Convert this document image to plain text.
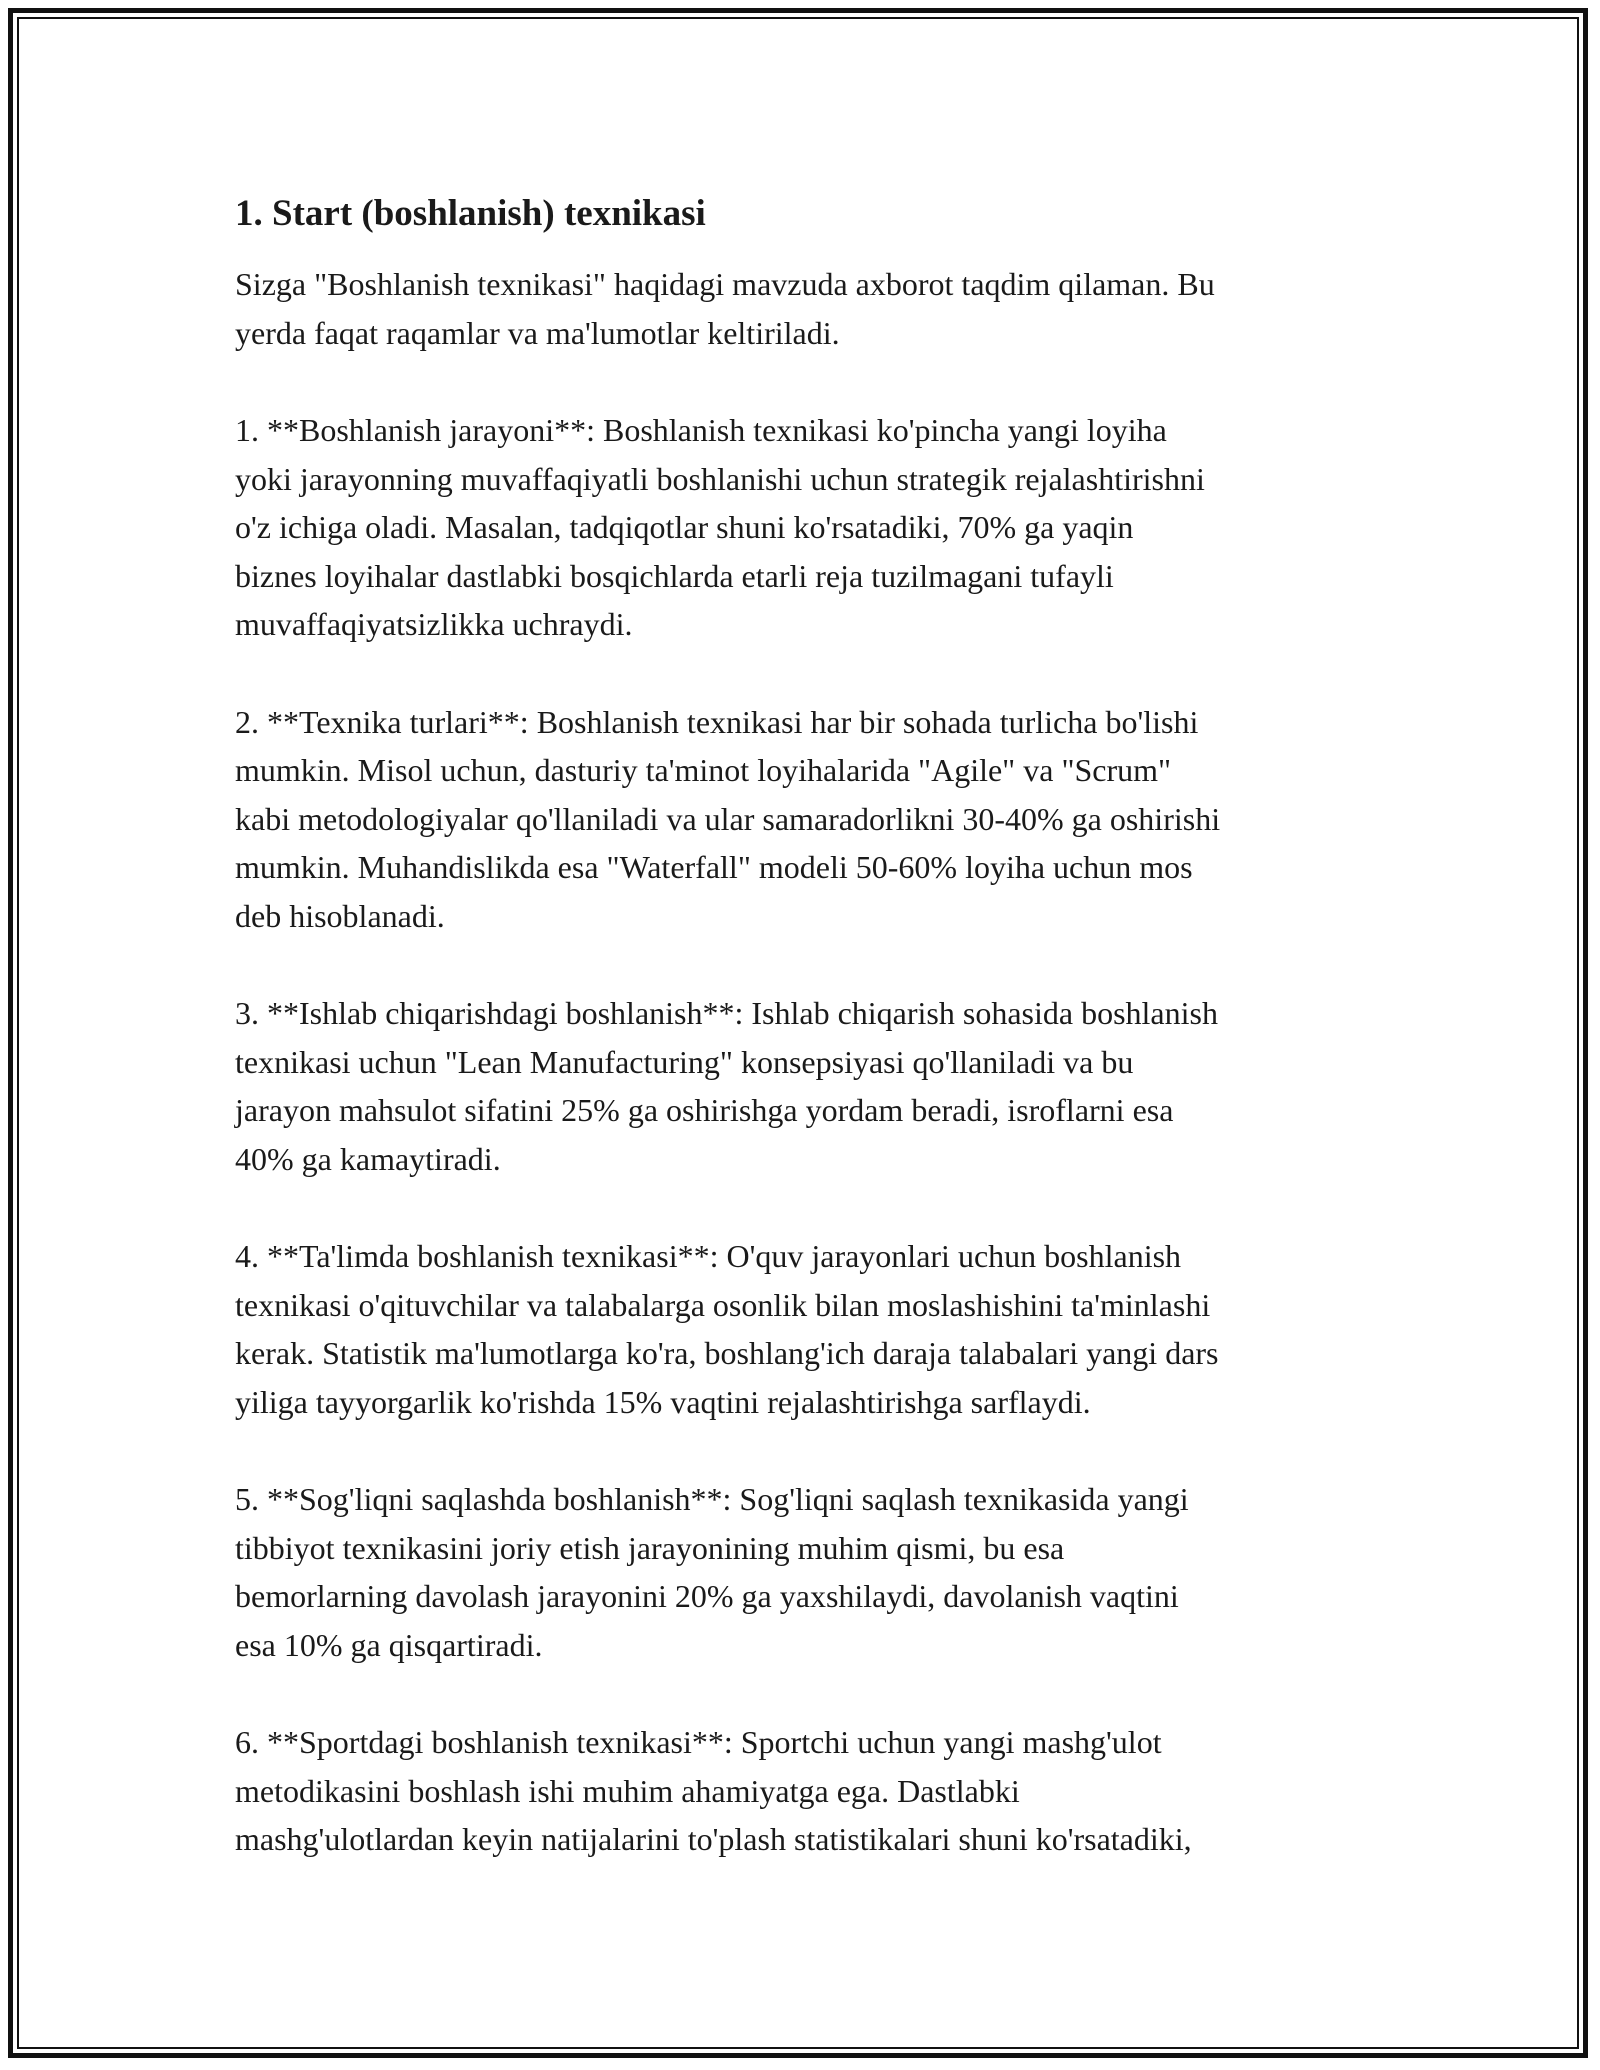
1. Start (boshlanish) texnikasi

Sizga "Boshlanish texnikasi" haqidagi mavzuda axborot taqdim qilaman. Bu
yerda faqat raqamlar va ma'lumotlar keltiriladi.

1. **Boshlanish jarayoni**: Boshlanish texnikasi ko'pincha yangi loyiha
yoki jarayonning muvaffaqiyatli boshlanishi uchun strategik rejalashtirishni
o'z ichiga oladi. Masalan, tadqiqotlar shuni ko'rsatadiki, 70% ga yaqin
biznes loyihalar dastlabki bosqichlarda etarli reja tuzilmagani tufayli
muvaffaqiyatsizlikka uchraydi.

2. **Texnika turlari**: Boshlanish texnikasi har bir sohada turlicha bo'lishi
mumkin. Misol uchun, dasturiy ta'minot loyihalarida "Agile" va "Scrum"
kabi metodologiyalar qo'llaniladi va ular samaradorlikni 30-40% ga oshirishi
mumkin. Muhandislikda esa "Waterfall" modeli 50-60% loyiha uchun mos
deb hisoblanadi.

3. **Ishlab chiqarishdagi boshlanish**: Ishlab chiqarish sohasida boshlanish
texnikasi uchun "Lean Manufacturing" konsepsiyasi qo'llaniladi va bu
jarayon mahsulot sifatini 25% ga oshirishga yordam beradi, isroflarni esa
40% ga kamaytiradi.

4. **Ta'limda boshlanish texnikasi**: O'quv jarayonlari uchun boshlanish
texnikasi o'qituvchilar va talabalarga osonlik bilan moslashishini ta'minlashi
kerak. Statistik ma'lumotlarga ko'ra, boshlang'ich daraja talabalari yangi dars
yiliga tayyorgarlik ko'rishda 15% vaqtini rejalashtirishga sarflaydi.

5. **Sog'liqni saqlashda boshlanish**: Sog'liqni saqlash texnikasida yangi
tibbiyot texnikasini joriy etish jarayonining muhim qismi, bu esa
bemorlarning davolash jarayonini 20% ga yaxshilaydi, davolanish vaqtini
esa 10% ga qisqartiradi.

6. **Sportdagi boshlanish texnikasi**: Sportchi uchun yangi mashg'ulot
metodikasini boshlash ishi muhim ahamiyatga ega. Dastlabki
mashg'ulotlardan keyin natijalarini to'plash statistikalari shuni ko'rsatadiki,
